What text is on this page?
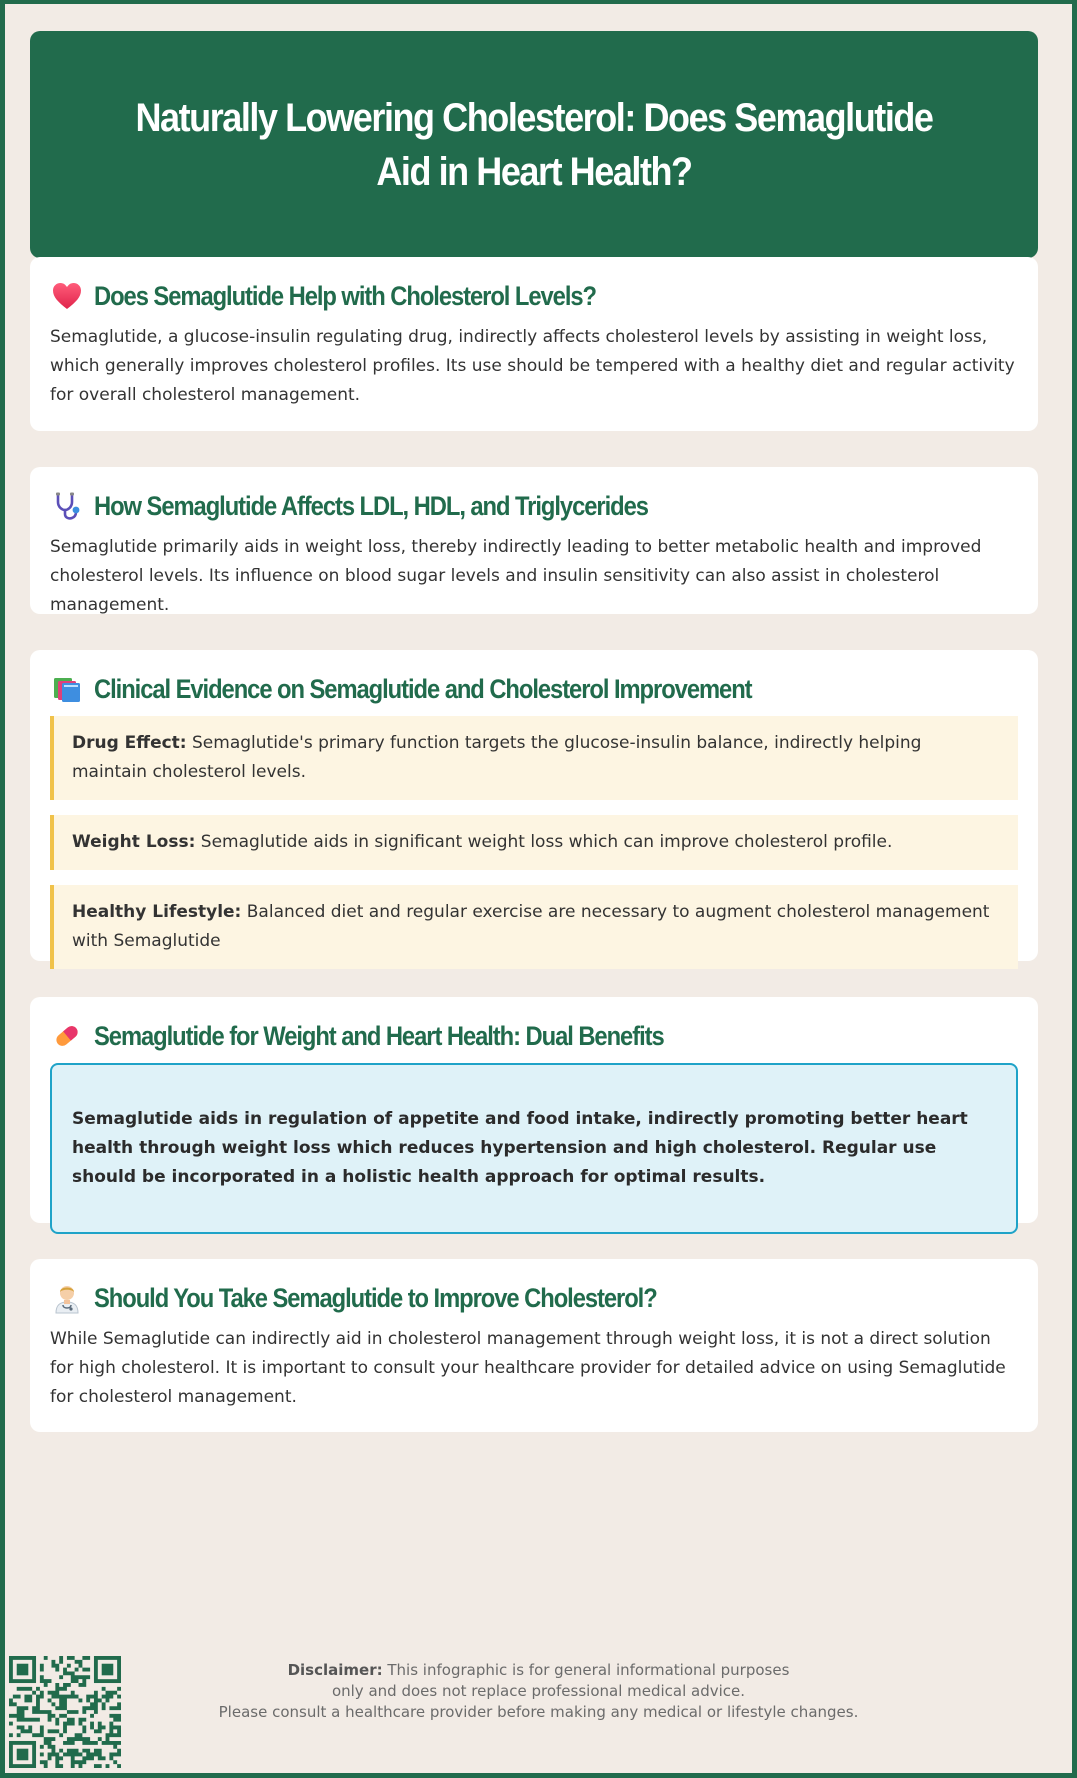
Naturally Lowering Cholesterol: Does Semaglutide Aid in Heart Health?
Does Semaglutide Help with Cholesterol Levels?

Semaglutide, a glucose-insulin regulating drug, indirectly affects cholesterol levels by assisting in weight loss, which generally improves cholesterol profiles. Its use should be tempered with a healthy diet and regular activity for overall cholesterol management.

How Semaglutide Affects LDL, HDL, and Triglycerides

Semaglutide primarily aids in weight loss, thereby indirectly leading to better metabolic health and improved cholesterol levels. Its influence on blood sugar levels and insulin sensitivity can also assist in cholesterol management.

Clinical Evidence on Semaglutide and Cholesterol Improvement
Drug Effect: Semaglutide's primary function targets the glucose-insulin balance, indirectly helping maintain cholesterol levels.
Weight Loss: Semaglutide aids in significant weight loss which can improve cholesterol profile.
Healthy Lifestyle: Balanced diet and regular exercise are necessary to augment cholesterol management with Semaglutide
Semaglutide for Weight and Heart Health: Dual Benefits
Semaglutide aids in regulation of appetite and food intake, indirectly promoting better heart health through weight loss which reduces hypertension and high cholesterol. Regular use should be incorporated in a holistic health approach for optimal results.
Should You Take Semaglutide to Improve Cholesterol?

While Semaglutide can indirectly aid in cholesterol management through weight loss, it is not a direct solution for high cholesterol. It is important to consult your healthcare provider for detailed advice on using Semaglutide for cholesterol management.

Disclaimer: This infographic is for general informational purposes
only and does not replace professional medical advice.
Please consult a healthcare provider before making any medical or lifestyle changes.
